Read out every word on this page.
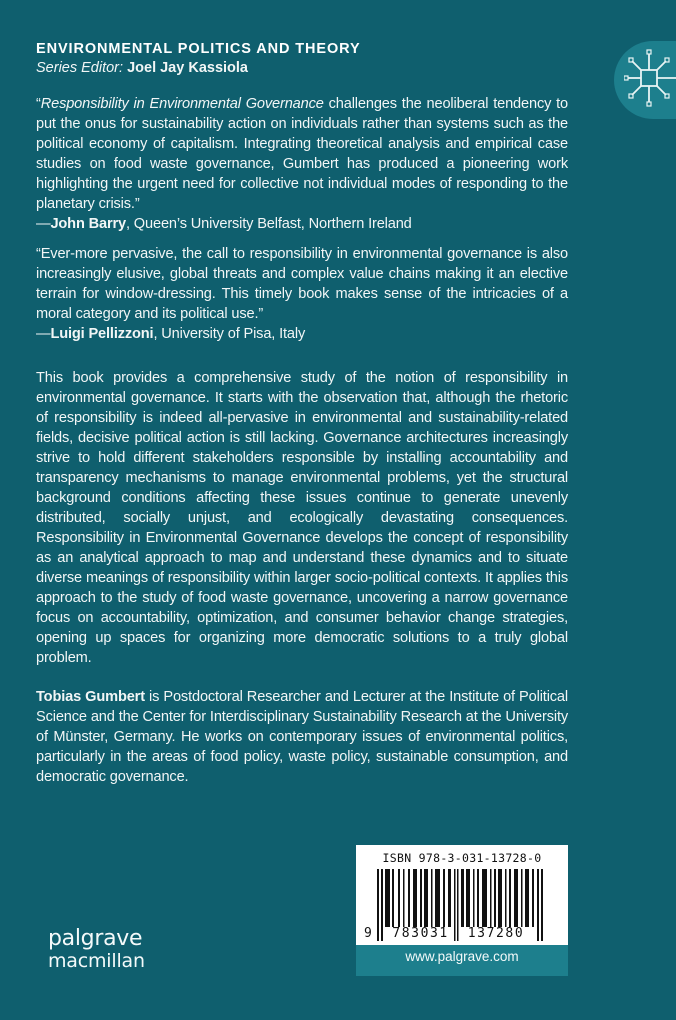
ENVIRONMENTAL POLITICS AND THEORY
Series Editor: Joel Jay Kassiola

“Responsibility in Environmental Governance challenges the neoliberal tendency to put the onus for sustainability action on individuals rather than systems such as the political economy of capitalism. Integrating theoretical analysis and empirical case studies on food waste governance, Gumbert has produced a pioneering work highlighting the urgent need for collective not individual modes of responding to the planetary crisis.”

—John Barry, Queen’s University Belfast, Northern Ireland

“Ever-more pervasive, the call to responsibility in environmental governance is also increasingly elusive, global threats and complex value chains making it an elective terrain for window-dressing. This timely book makes sense of the intricacies of a moral category and its political use.”

—Luigi Pellizzoni, University of Pisa, Italy

This book provides a comprehensive study of the notion of responsibility in environmental governance. It starts with the observation that, although the rhetoric of responsibility is indeed all-pervasive in environmental and sustainability-related fields, decisive political action is still lacking. Governance architectures increasingly strive to hold different stakeholders responsible by installing accountability and transparency mechanisms to manage environmental problems, yet the structural background conditions affecting these issues continue to generate unevenly distributed, socially unjust, and ecologically devastating consequences. Responsibility in Environmental Governance develops the concept of responsibility as an analytical approach to map and understand these dynamics and to situate diverse meanings of responsibility within larger socio-political contexts. It applies this approach to the study of food waste governance, uncovering a narrow governance focus on accountability, optimization, and consumer behavior change strategies, opening up spaces for organizing more democratic solutions to a truly global problem.

Tobias Gumbert is Postdoctoral Researcher and Lecturer at the Institute of Political Science and the Center for Interdisciplinary Sustainability Research at the University of Münster, Germany. He works on contemporary issues of environmental politics, particularly in the areas of food policy, waste policy, sustainable consumption, and democratic governance.

ISBN 978-3-031-13728-0
9 783031 137280
www.palgrave.com
palgrave
macmillan
